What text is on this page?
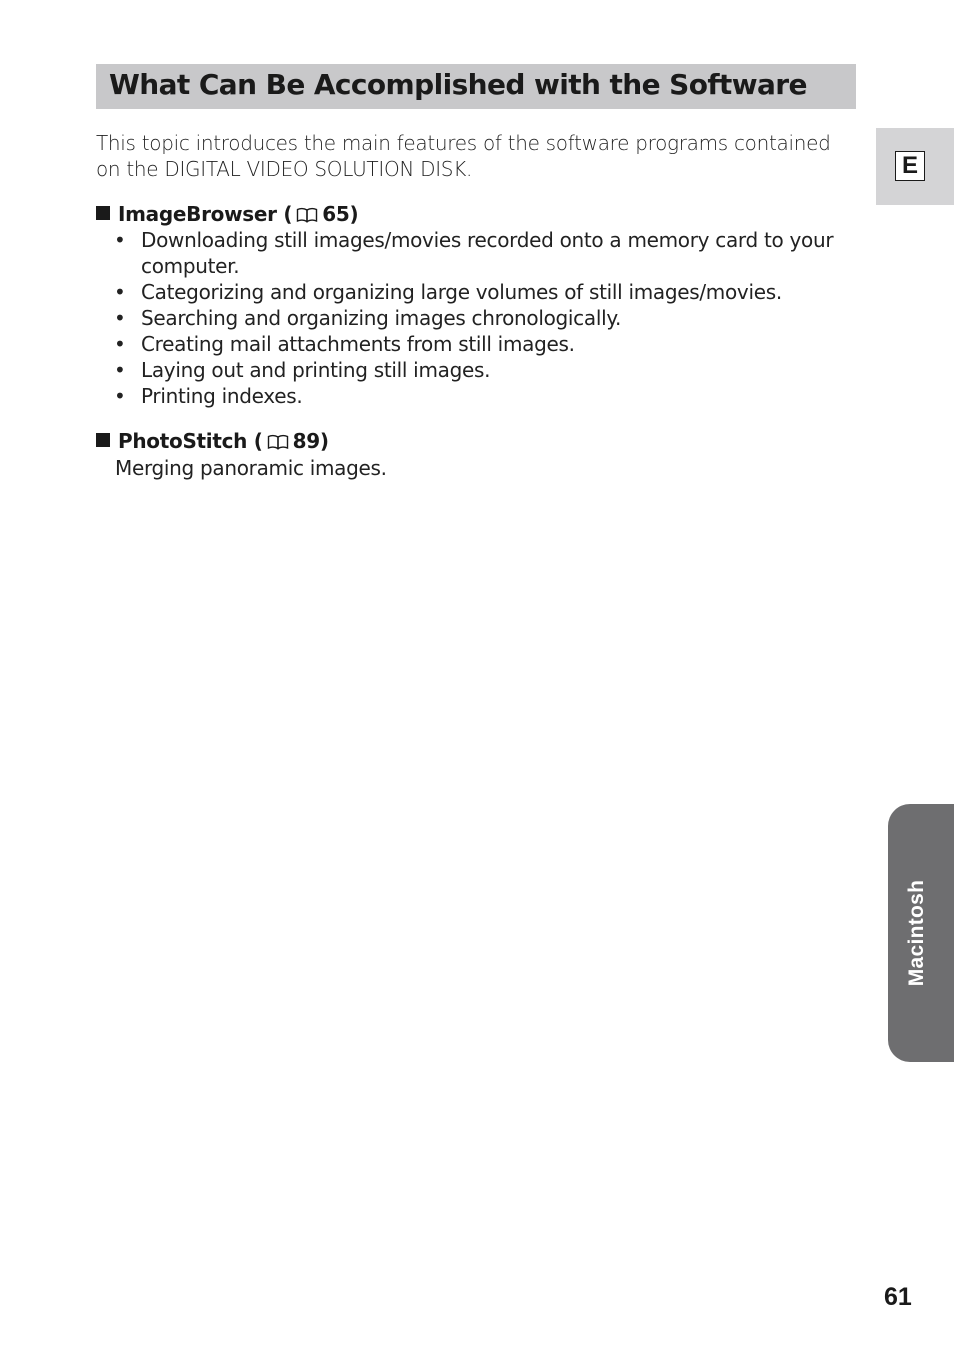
What Can Be Accomplished with the Software
This topic introduces the main features of the software programs contained on the DIGITAL VIDEO SOLUTION DISK.
ImageBrowser ( 65)
• Downloading still images/movies recorded onto a memory card to your computer.
• Categorizing and organizing large volumes of still images/movies.
• Searching and organizing images chronologically.
• Creating mail attachments from still images.
• Laying out and printing still images.
• Printing indexes.
PhotoStitch ( 89)
Merging panoramic images.
E
Macintosh
61
